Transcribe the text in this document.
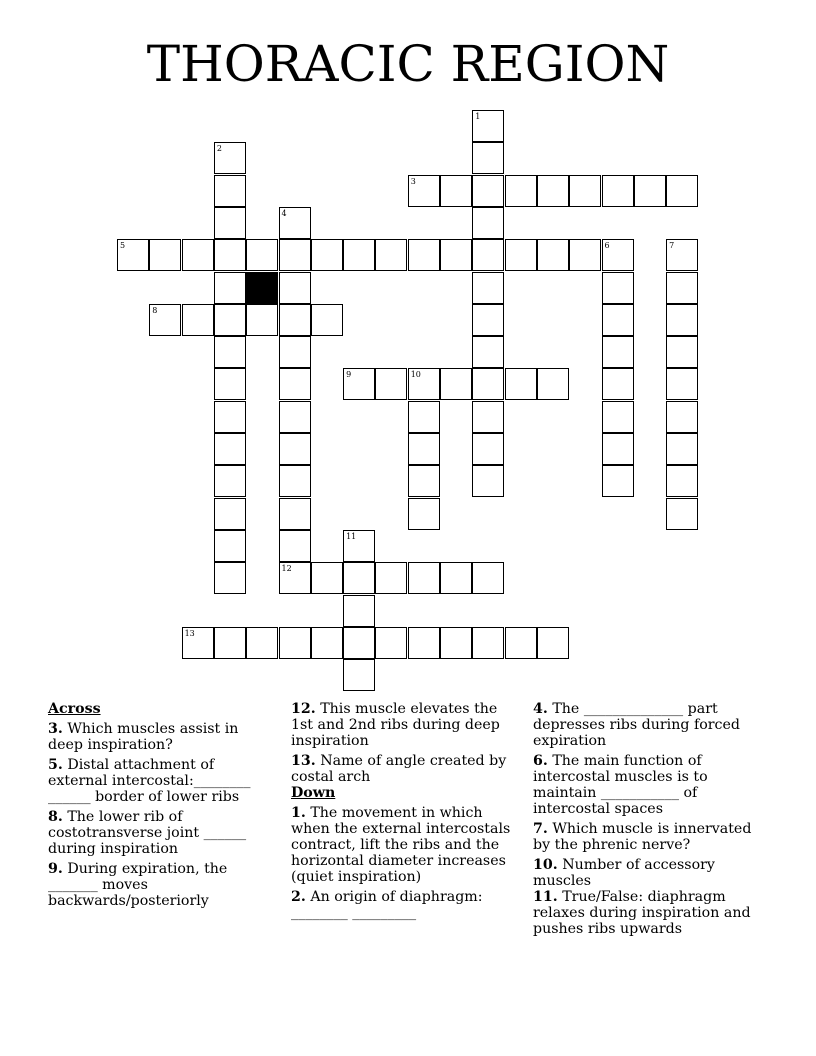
THORACIC REGION
3
5	6
8
9	10
12
13
1
2
4
7
11
Across

3. Which muscles assist in deep inspiration?

5. Distal attachment of external intercostal:________ ______ border of lower ribs

8. The lower rib of costotransverse joint ______ during inspiration

9. During expiration, the _______ moves backwards/posteriorly

12. This muscle elevates the 1st and 2nd ribs during deep inspiration

13. Name of angle created by costal arch

Down

1. The movement in which when the external intercostals contract, lift the ribs and the horizontal diameter increases (quiet inspiration)

2. An origin of diaphragm: ________ _________

4. The ______________ part depresses ribs during forced expiration

6. The main function of intercostal muscles is to maintain ___________ of intercostal spaces

7. Which muscle is innervated by the phrenic nerve?

10. Number of accessory muscles

11. True/False: diaphragm relaxes during inspiration and pushes ribs upwards
